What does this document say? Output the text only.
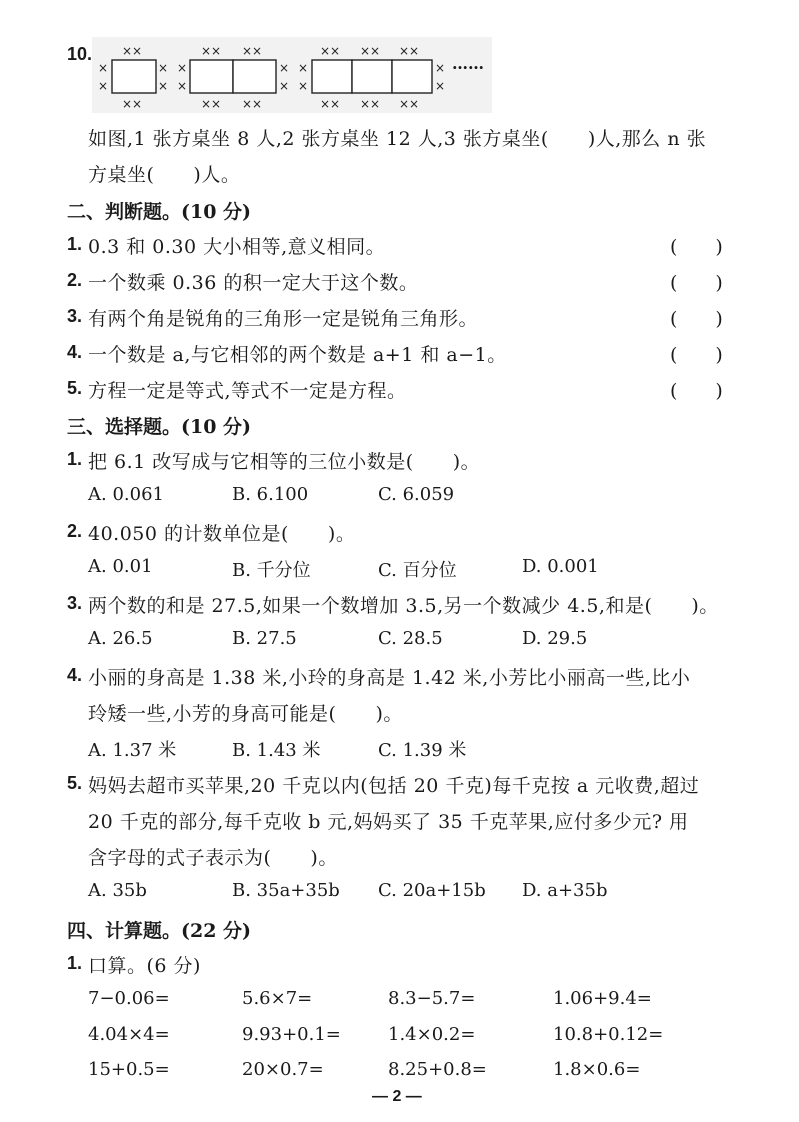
10. ××
××
×
×
×
×
×× ××
×× ××
×
×
×
×
×× ×× ××
×× ×× ××
×
×
×
×
……
如图,1 张方桌坐 8 人,2 张方桌坐 12 人,3 张方桌坐(　　)人,那么 n 张
方桌坐(　　)人。
二、判断题。(10 分)
1. 0.3 和 0.30 大小相等,意义相同。	(　　)
2. 一个数乘 0.36 的积一定大于这个数。	(　　)
3. 有两个角是锐角的三角形一定是锐角三角形。	(　　)
4. 一个数是 a,与它相邻的两个数是 a+1 和 a−1。	(　　)
5. 方程一定是等式,等式不一定是方程。	(　　)
三、选择题。(10 分)
1. 把 6.1 改写成与它相等的三位小数是(　　)。
A. 0.061	B. 6.100	C. 6.059
2. 40.050 的计数单位是(　　)。
A. 0.01	B. 千分位	C. 百分位	D. 0.001
3. 两个数的和是 27.5,如果一个数增加 3.5,另一个数减少 4.5,和是(　　)。
A. 26.5	B. 27.5	C. 28.5	D. 29.5
4. 小丽的身高是 1.38 米,小玲的身高是 1.42 米,小芳比小丽高一些,比小
玲矮一些,小芳的身高可能是(　　)。
A. 1.37 米	B. 1.43 米	C. 1.39 米
5. 妈妈去超市买苹果,20 千克以内(包括 20 千克)每千克按 a 元收费,超过
20 千克的部分,每千克收 b 元,妈妈买了 35 千克苹果,应付多少元? 用
含字母的式子表示为(　　)。
A. 35b	B. 35a+35b C. 20a+15b D. a+35b
四、计算题。(22 分)
1. 口算。(6 分)
7−0.06=	5.6×7=	8.3−5.7=	1.06+9.4=
4.04×4=	9.93+0.1=	1.4×0.2=	10.8+0.12=
15+0.5=	20×0.7=	8.25+0.8=	1.8×0.6=
— 2 —
